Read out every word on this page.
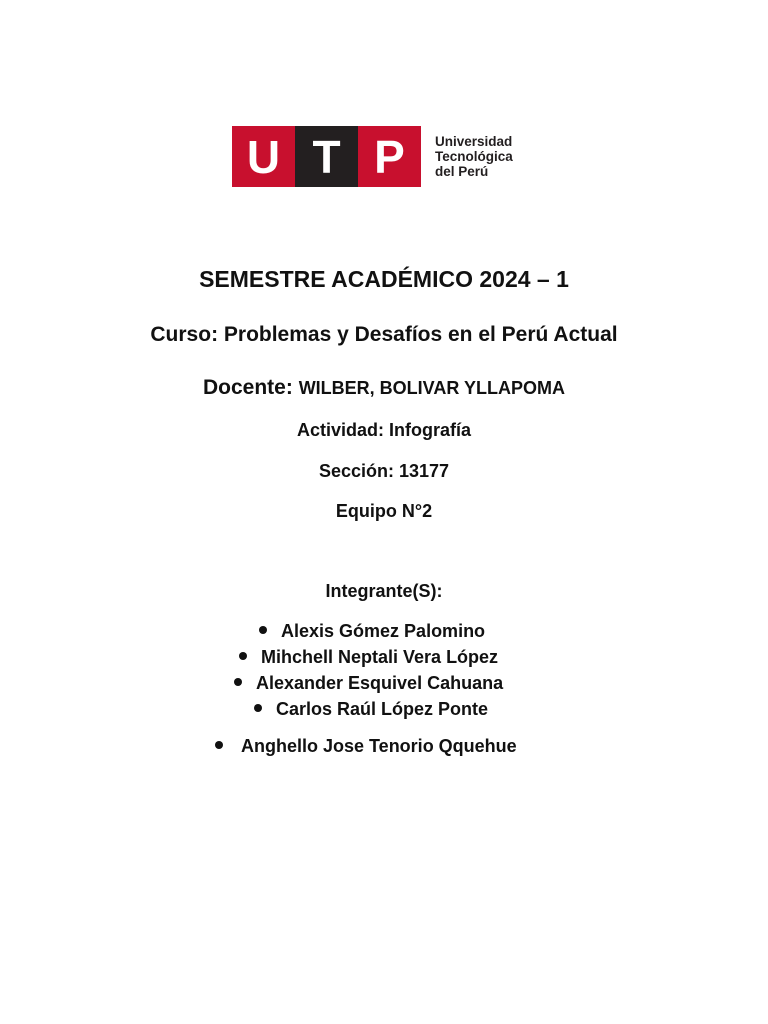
U T P	Universidad
Tecnológica
del Perú
SEMESTRE ACADÉMICO 2024 – 1
Curso: Problemas y Desafíos en el Perú Actual
Docente: WILBER, BOLIVAR YLLAPOMA
Actividad: Infografía
Sección: 13177
Equipo N°2
Integrante(S):
Alexis Gómez Palomino
Mihchell Neptali Vera López
Alexander Esquivel Cahuana
Carlos Raúl López Ponte
Anghello Jose Tenorio Qquehue
